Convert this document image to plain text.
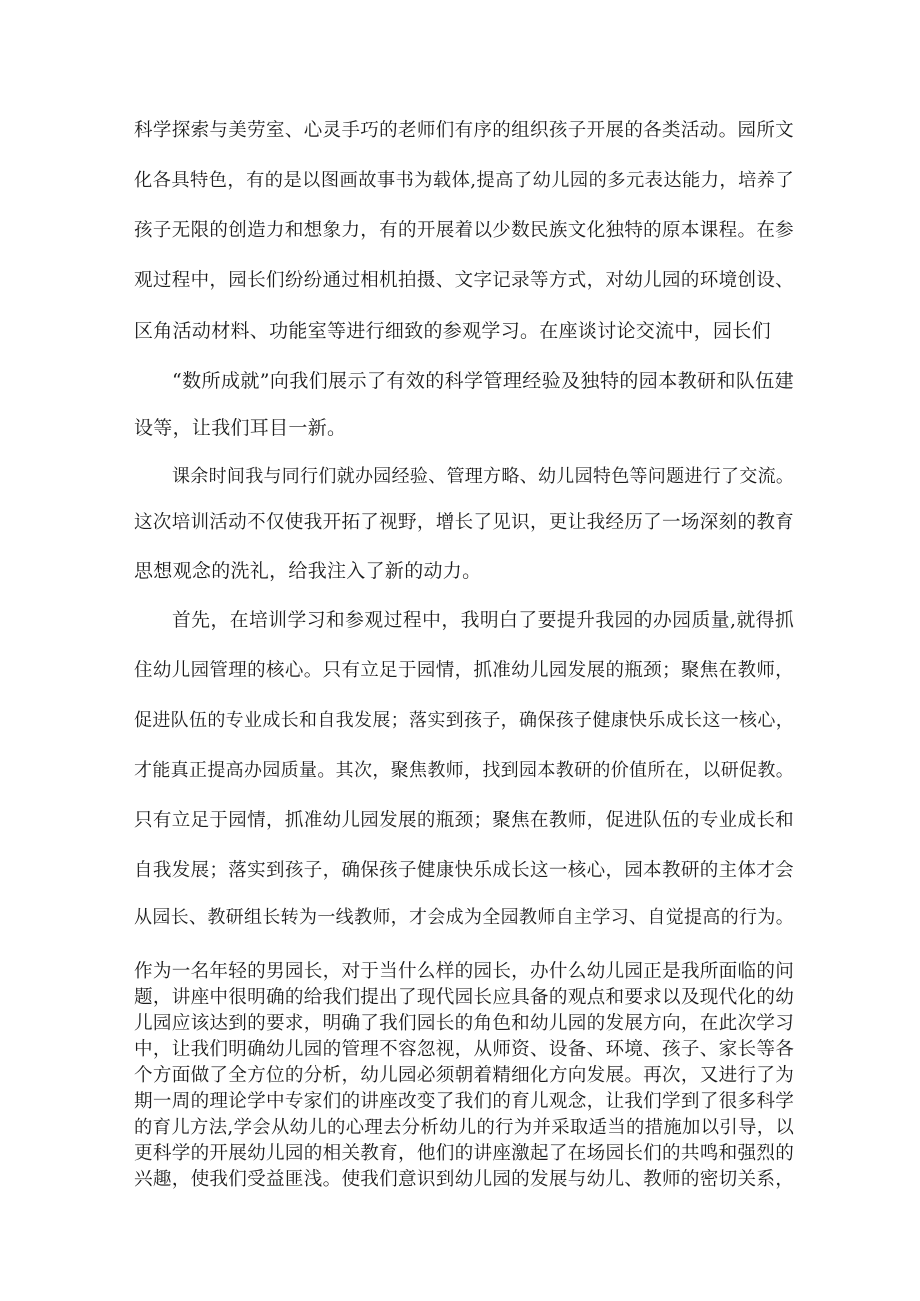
科学探索与美劳室、心灵手巧的老师们有序的组织孩子开展的各类活动。园所文

化各具特色，有的是以图画故事书为载体,提高了幼儿园的多元表达能力，培养了

孩子无限的创造力和想象力，有的开展着以少数民族文化独特的原本课程。在参

观过程中，园长们纷纷通过相机拍摄、文字记录等方式，对幼儿园的环境创设、

区角活动材料、功能室等进行细致的参观学习。在座谈讨论交流中，园长们

“数所成就”向我们展示了有效的科学管理经验及独特的园本教研和队伍建

设等，让我们耳目一新。

课余时间我与同行们就办园经验、管理方略、幼儿园特色等问题进行了交流。

这次培训活动不仅使我开拓了视野，增长了见识，更让我经历了一场深刻的教育

思想观念的洗礼，给我注入了新的动力。

首先，在培训学习和参观过程中，我明白了要提升我园的办园质量,就得抓

住幼儿园管理的核心。只有立足于园情，抓准幼儿园发展的瓶颈；聚焦在教师，

促进队伍的专业成长和自我发展；落实到孩子，确保孩子健康快乐成长这一核心，

才能真正提高办园质量。其次，聚焦教师，找到园本教研的价值所在，以研促教。

只有立足于园情，抓准幼儿园发展的瓶颈；聚焦在教师，促进队伍的专业成长和

自我发展；落实到孩子，确保孩子健康快乐成长这一核心，园本教研的主体才会

从园长、教研组长转为一线教师，才会成为全园教师自主学习、自觉提高的行为。

作为一名年轻的男园长，对于当什么样的园长，办什么幼儿园正是我所面临的问

题，讲座中很明确的给我们提出了现代园长应具备的观点和要求以及现代化的幼

儿园应该达到的要求，明确了我们园长的角色和幼儿园的发展方向，在此次学习

中，让我们明确幼儿园的管理不容忽视，从师资、设备、环境、孩子、家长等各

个方面做了全方位的分析，幼儿园必须朝着精细化方向发展。再次，又进行了为

期一周的理论学中专家们的讲座改变了我们的育儿观念，让我们学到了很多科学

的育儿方法,学会从幼儿的心理去分析幼儿的行为并采取适当的措施加以引导，以

更科学的开展幼儿园的相关教育，他们的讲座激起了在场园长们的共鸣和强烈的

兴趣，使我们受益匪浅。使我们意识到幼儿园的发展与幼儿、教师的密切关系，
